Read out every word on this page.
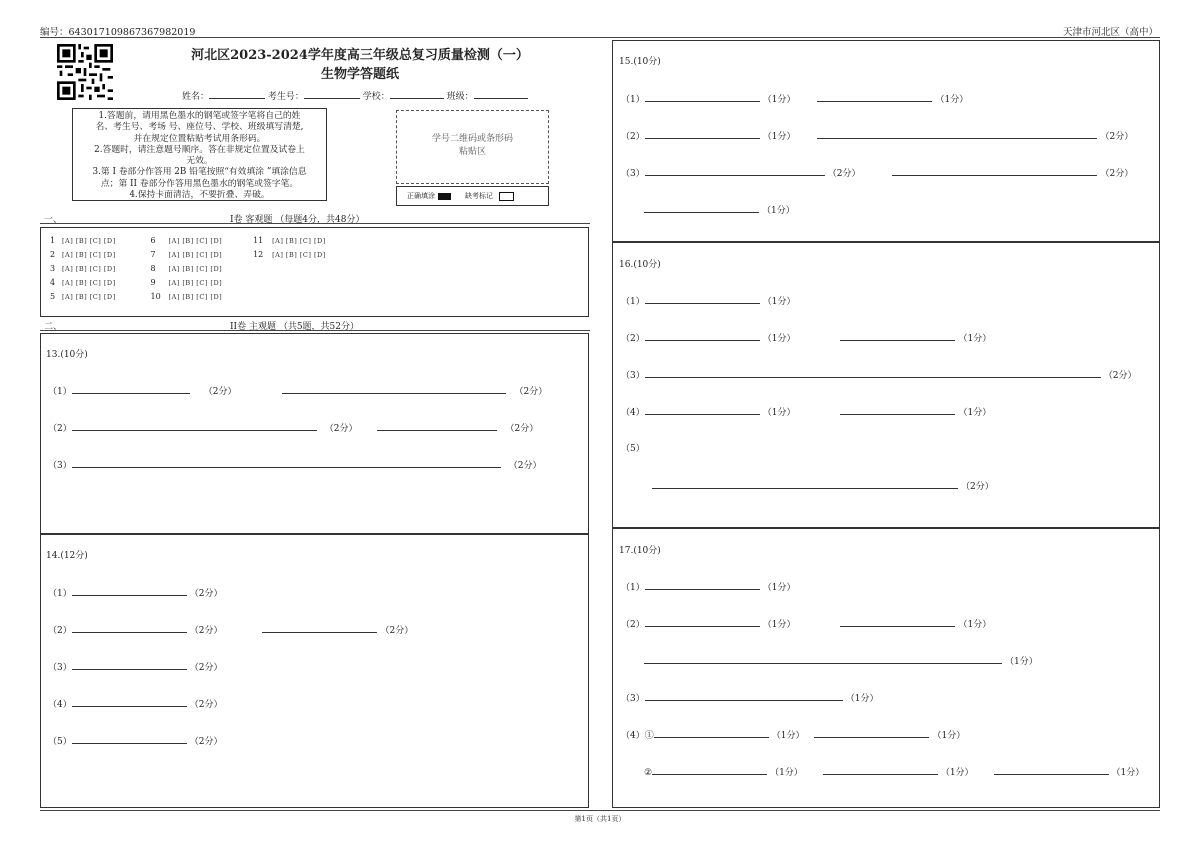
编号：643017109867367982019	天津市河北区（高中）
河北区2023-2024学年度高三年级总复习质量检测（一）
生物学答题纸
姓名：	考生号：	学校：	班级：
1.答题前，请用黑色墨水的钢笔或签字笔将自己的姓
名、考生号、考场 号、座位号、学校、班级填写清楚,
并在规定位置粘贴考试用条形码。
2.答题时，请注意题号顺序。答在非规定位置及试卷上
无效。
3.第 I 卷部分作答用 2B 铅笔按照“有效填涂 ”填涂信息
点；第 II 卷部分作答用黑色墨水的钢笔或签字笔。
4.保持卡面清洁，不要折叠、弄破。
学号二维码或条形码
粘贴区
正确填涂	缺考标记
一、	I卷 客观题 （每题4分，共48分）
1 [A] [B] [C] [D]	6 [A] [B] [C] [D]	11 [A] [B] [C] [D]
2 [A] [B] [C] [D]	7 [A] [B] [C] [D]	12 [A] [B] [C] [D]
3 [A] [B] [C] [D]	8 [A] [B] [C] [D]
4 [A] [B] [C] [D]	9 [A] [B] [C] [D]
5 [A] [B] [C] [D]	10 [A] [B] [C] [D]
二、	II卷 主观题 （共5题，共52分）
13.(10分)
（1）	（2分）	（2分）
（2）	（2分）	（2分）
（3）	（2分）
14.(12分)
（1）	（2分）
（2）	（2分）	（2分）
（3）	（2分）
（4）	（2分）
（5）	（2分）
15.(10分)
（1）	（1分）	（1分）
（2）	（1分）	（2分）
（3）	（2分）	（2分）
（1分）
16.(10分)
（1）	（1分）
（2）	（1分）	（1分）
（3）	（2分）
（4）	（1分）	（1分）
（5）
（2分）
17.(10分)
（1）	（1分）
（2）	（1分）	（1分）
（1分）
（3）	（1分）
（4）①	（1分）	（1分）
②	（1分）	（1分）	（1分）
第1页（共1页）
